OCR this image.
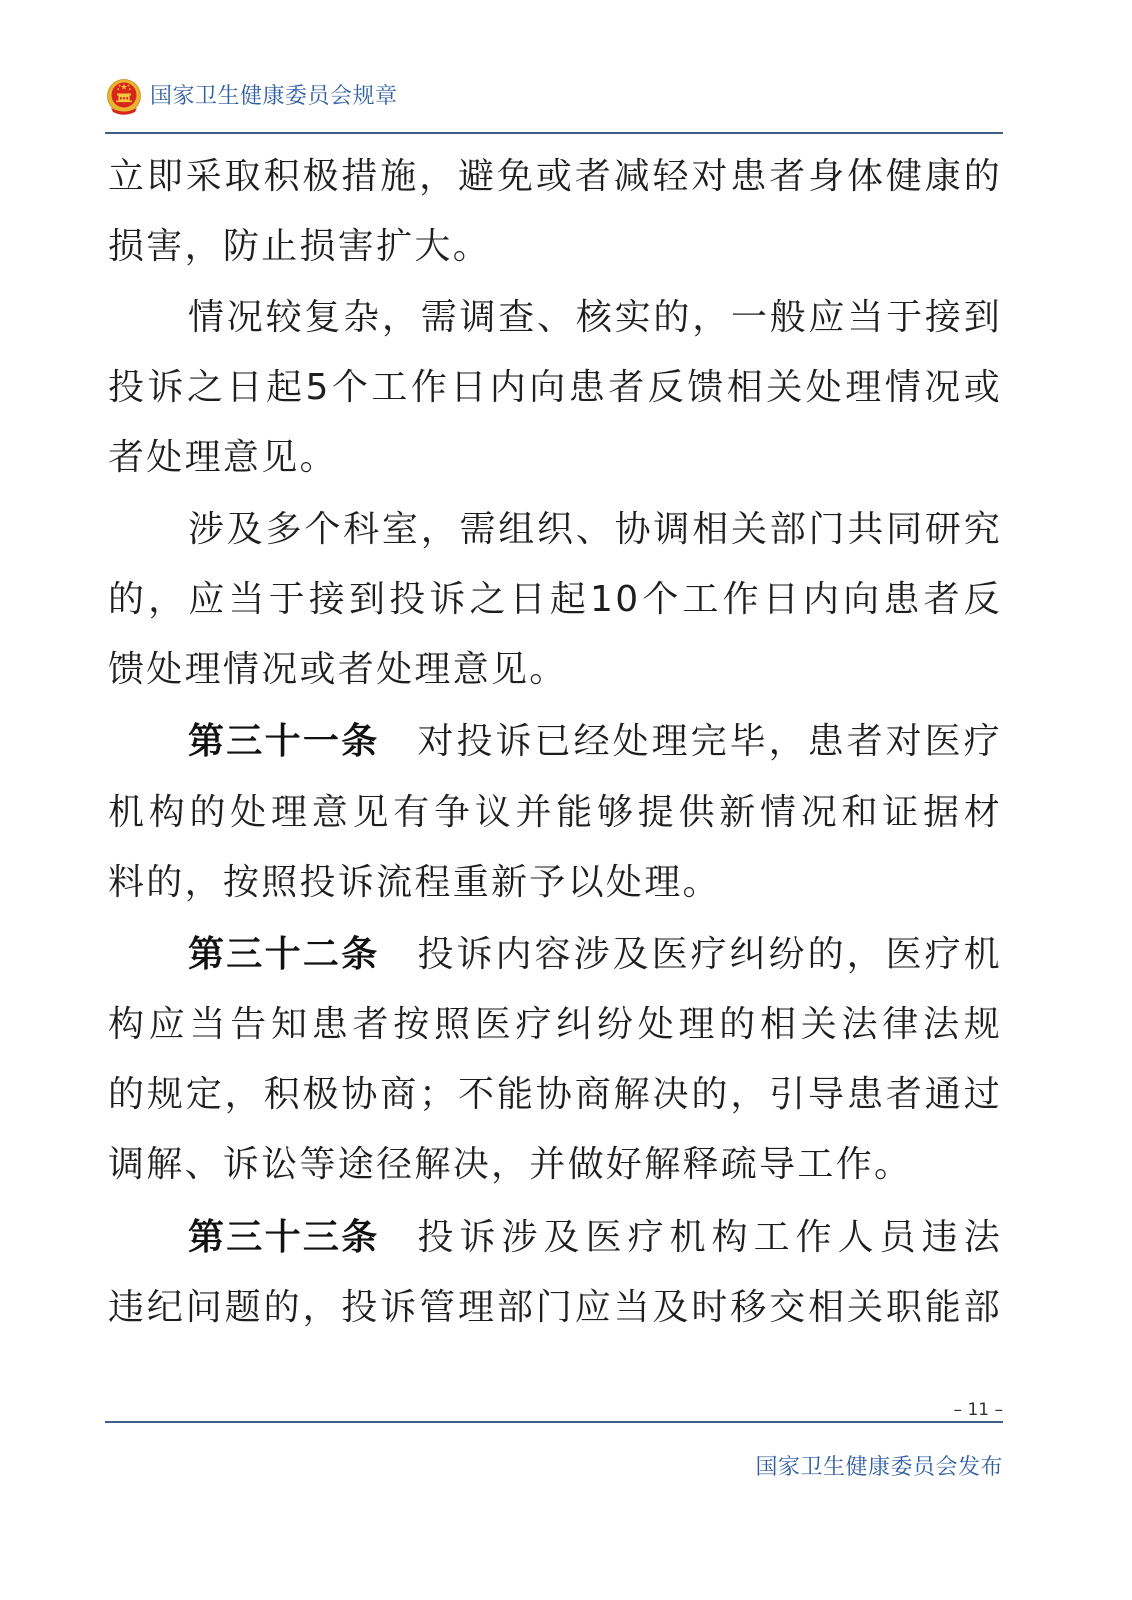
国家卫生健康委员会规章
立即采取积极措施，避免或者减轻对患者身体健康的
损害，防止损害扩大。
情况较复杂，需调查、核实的，一般应当于接到
投诉之日起5个工作日内向患者反馈相关处理情况或
者处理意见。
涉及多个科室，需组织、协调相关部门共同研究
的，应当于接到投诉之日起10个工作日内向患者反
馈处理情况或者处理意见。
第三十一条 对投诉已经处理完毕，患者对医疗
机构的处理意见有争议并能够提供新情况和证据材
料的，按照投诉流程重新予以处理。
第三十二条 投诉内容涉及医疗纠纷的，医疗机
构应当告知患者按照医疗纠纷处理的相关法律法规
的规定，积极协商；不能协商解决的，引导患者通过
调解、诉讼等途径解决，并做好解释疏导工作。
第三十三条 投诉涉及医疗机构工作人员违法
违纪问题的，投诉管理部门应当及时移交相关职能部
– 11 –
国家卫生健康委员会发布
